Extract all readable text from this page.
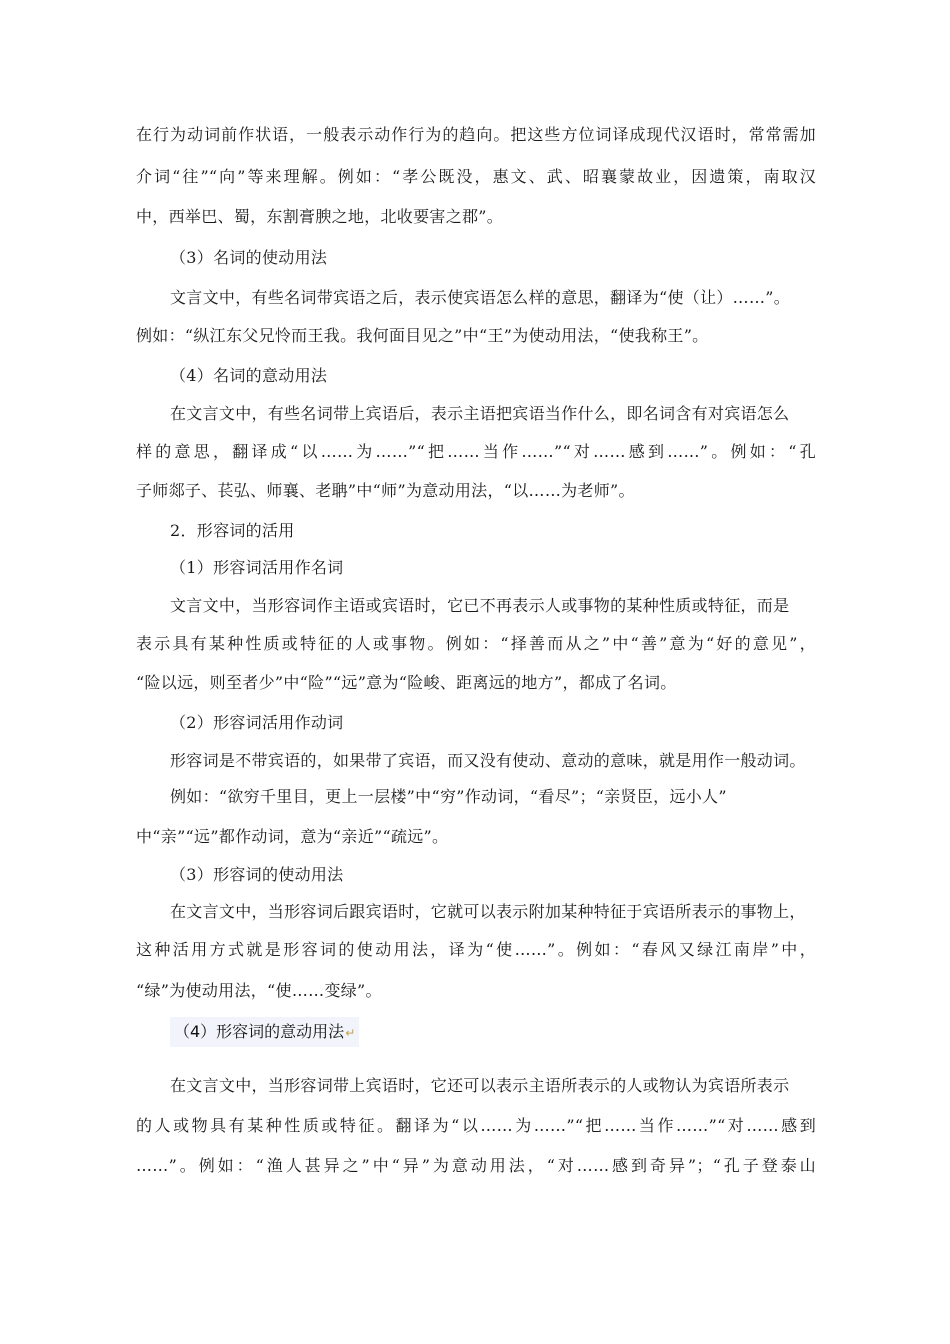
在行为动词前作状语，一般表示动作行为的趋向。把这些方位词译成现代汉语时，常常需加
介词“往”“向”等来理解。例如：“孝公既没，惠文、武、昭襄蒙故业，因遗策，南取汉
中，西举巴、蜀，东割膏腴之地，北收要害之郡”。
（3）名词的使动用法
文言文中，有些名词带宾语之后，表示使宾语怎么样的意思，翻译为“使（让）……”。
例如：“纵江东父兄怜而王我。我何面目见之”中“王”为使动用法，“使我称王”。
（4）名词的意动用法
在文言文中，有些名词带上宾语后，表示主语把宾语当作什么，即名词含有对宾语怎么
样的意思，翻译成“以……为……”“把……当作……”“对……感到……”。例如：“孔
子师郯子、苌弘、师襄、老聃”中“师”为意动用法，“以……为老师”。
2．形容词的活用
（1）形容词活用作名词
文言文中，当形容词作主语或宾语时，它已不再表示人或事物的某种性质或特征，而是
表示具有某种性质或特征的人或事物。例如：“择善而从之”中“善”意为“好的意见”，
“险以远，则至者少”中“险”“远”意为“险峻、距离远的地方”，都成了名词。
（2）形容词活用作动词
形容词是不带宾语的，如果带了宾语，而又没有使动、意动的意味，就是用作一般动词。
例如：“欲穷千里目，更上一层楼”中“穷”作动词，“看尽”；“亲贤臣，远小人”
中“亲”“远”都作动词，意为“亲近”“疏远”。
（3）形容词的使动用法
在文言文中，当形容词后跟宾语时，它就可以表示附加某种特征于宾语所表示的事物上，
这种活用方式就是形容词的使动用法，译为“使……”。例如：“春风又绿江南岸”中，
“绿”为使动用法，“使……变绿”。
（4）形容词的意动用法↵
在文言文中，当形容词带上宾语时，它还可以表示主语所表示的人或物认为宾语所表示
的人或物具有某种性质或特征。翻译为“以……为……”“把……当作……”“对……感到
……”。例如：“渔人甚异之”中“异”为意动用法，“对……感到奇异”；“孔子登泰山
